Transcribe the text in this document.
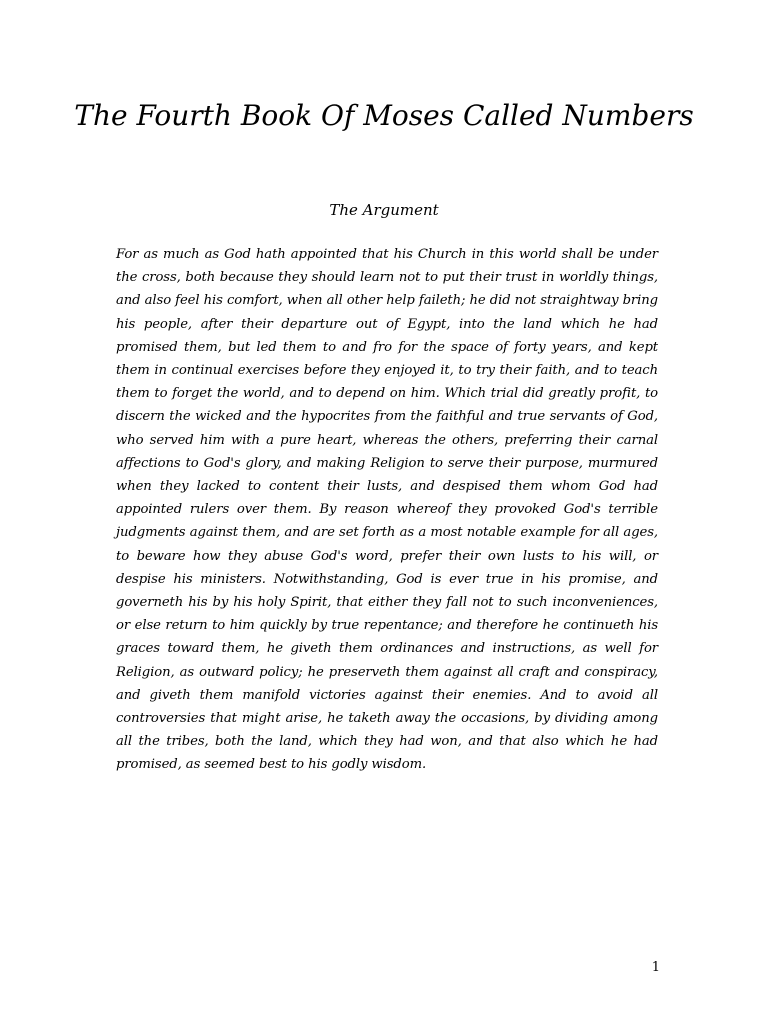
The Fourth Book Of Moses Called Numbers
The Argument

For as much as God hath appointed that his Church in this world shall be under the cross, both because they should learn not to put their trust in worldly things, and also feel his comfort, when all other help faileth; he did not straightway bring his people, after their departure out of Egypt, into the land which he had promised them, but led them to and fro for the space of forty years, and kept them in continual exercises before they enjoyed it, to try their faith, and to teach them to forget the world, and to depend on him. Which trial did greatly profit, to discern the wicked and the hypocrites from the faithful and true servants of God, who served him with a pure heart, whereas the others, preferring their carnal affections to God's glory, and making Religion to serve their purpose, murmured when they lacked to content their lusts, and despised them whom God had appointed rulers over them. By reason whereof they provoked God's terrible judgments against them, and are set forth as a most notable example for all ages, to beware how they abuse God's word, prefer their own lusts to his will, or despise his ministers. Notwithstanding, God is ever true in his promise, and governeth his by his holy Spirit, that either they fall not to such inconveniences, or else return to him quickly by true repentance; and therefore he continueth his graces toward them, he giveth them ordinances and instructions, as well for Religion, as outward policy; he preserveth them against all craft and conspiracy, and giveth them manifold victories against their enemies. And to avoid all controversies that might arise, he taketh away the occasions, by dividing among all the tribes, both the land, which they had won, and that also which he had promised, as seemed best to his godly wisdom.

1
